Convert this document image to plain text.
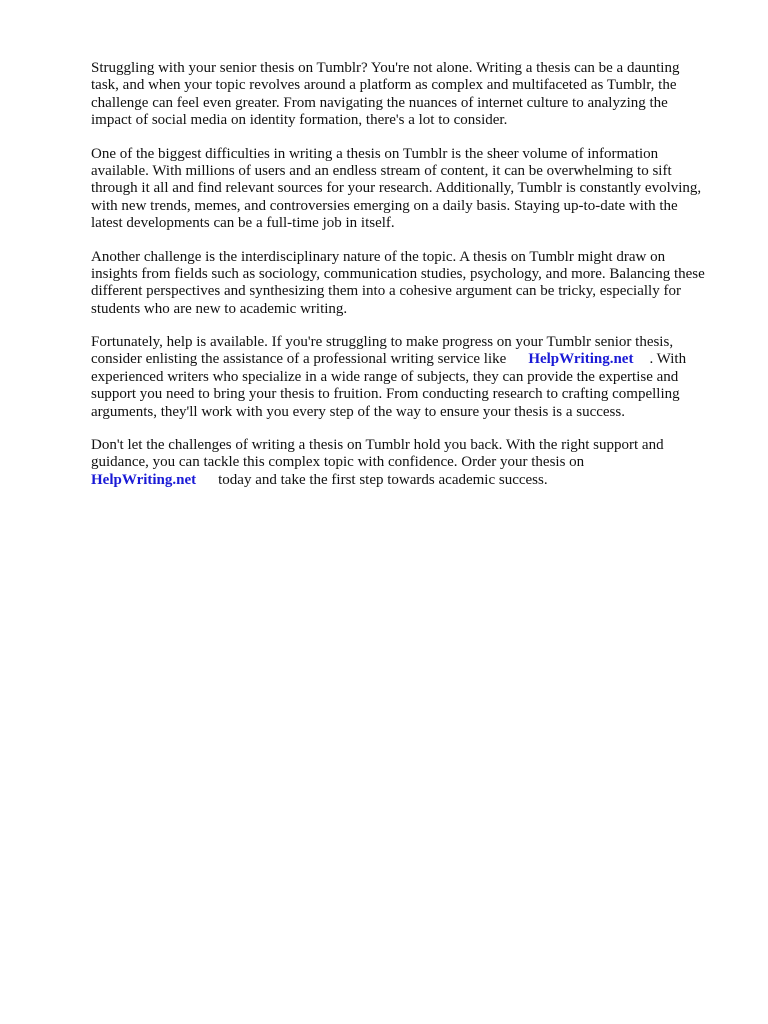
Struggling with your senior thesis on Tumblr? You're not alone. Writing a thesis can be a daunting
task, and when your topic revolves around a platform as complex and multifaceted as Tumblr, the
challenge can feel even greater. From navigating the nuances of internet culture to analyzing the
impact of social media on identity formation, there's a lot to consider.

One of the biggest difficulties in writing a thesis on Tumblr is the sheer volume of information
available. With millions of users and an endless stream of content, it can be overwhelming to sift
through it all and find relevant sources for your research. Additionally, Tumblr is constantly evolving,
with new trends, memes, and controversies emerging on a daily basis. Staying up-to-date with the
latest developments can be a full-time job in itself.

Another challenge is the interdisciplinary nature of the topic. A thesis on Tumblr might draw on
insights from fields such as sociology, communication studies, psychology, and more. Balancing these
different perspectives and synthesizing them into a cohesive argument can be tricky, especially for
students who are new to academic writing.

Fortunately, help is available. If you're struggling to make progress on your Tumblr senior thesis,
consider enlisting the assistance of a professional writing service like HelpWriting.net . With
experienced writers who specialize in a wide range of subjects, they can provide the expertise and
support you need to bring your thesis to fruition. From conducting research to crafting compelling
arguments, they'll work with you every step of the way to ensure your thesis is a success.

Don't let the challenges of writing a thesis on Tumblr hold you back. With the right support and
guidance, you can tackle this complex topic with confidence. Order your thesis on
HelpWriting.net today and take the first step towards academic success.
